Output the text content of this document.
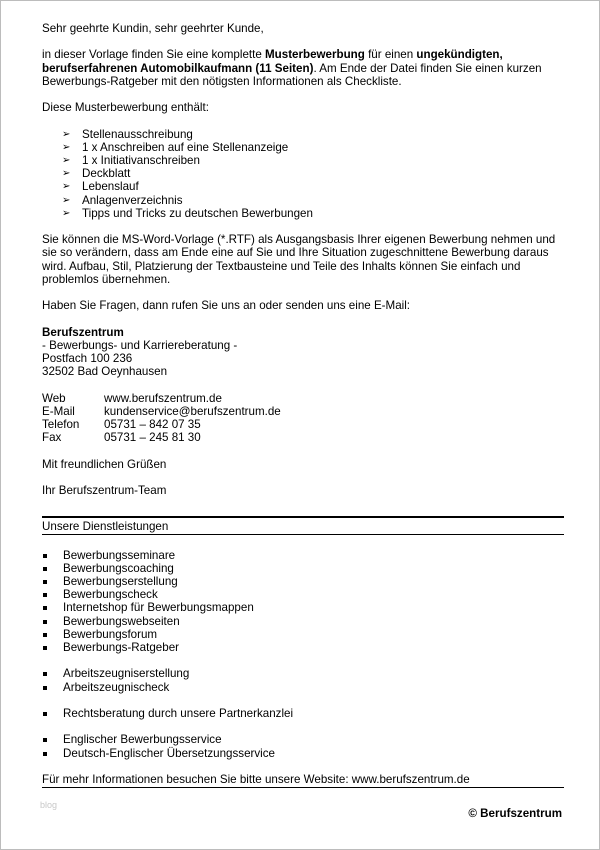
Sehr geehrte Kundin, sehr geehrter Kunde,

in dieser Vorlage finden Sie eine komplette Musterbewerbung für einen ungekündigten, berufserfahrenen Automobilkaufmann (11 Seiten). Am Ende der Datei finden Sie einen kurzen Bewerbungs-Ratgeber mit den nötigsten Informationen als Checkliste.

Diese Musterbewerbung enthält:

➢ Stellenausschreibung
➢ 1 x Anschreiben auf eine Stellenanzeige
➢ 1 x Initiativanschreiben
➢ Deckblatt
➢ Lebenslauf
➢ Anlagenverzeichnis
➢ Tipps und Tricks zu deutschen Bewerbungen

Sie können die MS-Word-Vorlage (*.RTF) als Ausgangsbasis Ihrer eigenen Bewerbung nehmen und sie so verändern, dass am Ende eine auf Sie und Ihre Situation zugeschnittene Bewerbung daraus wird. Aufbau, Stil, Platzierung der Textbausteine und Teile des Inhalts können Sie einfach und problemlos übernehmen.

Haben Sie Fragen, dann rufen Sie uns an oder senden uns eine E-Mail:

Berufszentrum

- Bewerbungs- und Karriereberatung -

Postfach 100 236

32502 Bad Oeynhausen

Web	www.berufszentrum.de
E-Mail	kundenservice@berufszentrum.de
Telefon	05731 – 842 07 35
Fax	05731 – 245 81 30

Mit freundlichen Grüßen

Ihr Berufszentrum-Team

Unsere Dienstleistungen

Bewerbungsseminare
Bewerbungscoaching
Bewerbungserstellung
Bewerbungscheck
Internetshop für Bewerbungsmappen
Bewerbungswebseiten
Bewerbungsforum
Bewerbungs-Ratgeber
Arbeitszeugniserstellung
Arbeitszeugnischeck
Rechtsberatung durch unsere Partnerkanzlei
Englischer Bewerbungsservice
Deutsch-Englischer Übersetzungsservice

Für mehr Informationen besuchen Sie bitte unsere Website: www.berufszentrum.de

blog
© Berufszentrum
